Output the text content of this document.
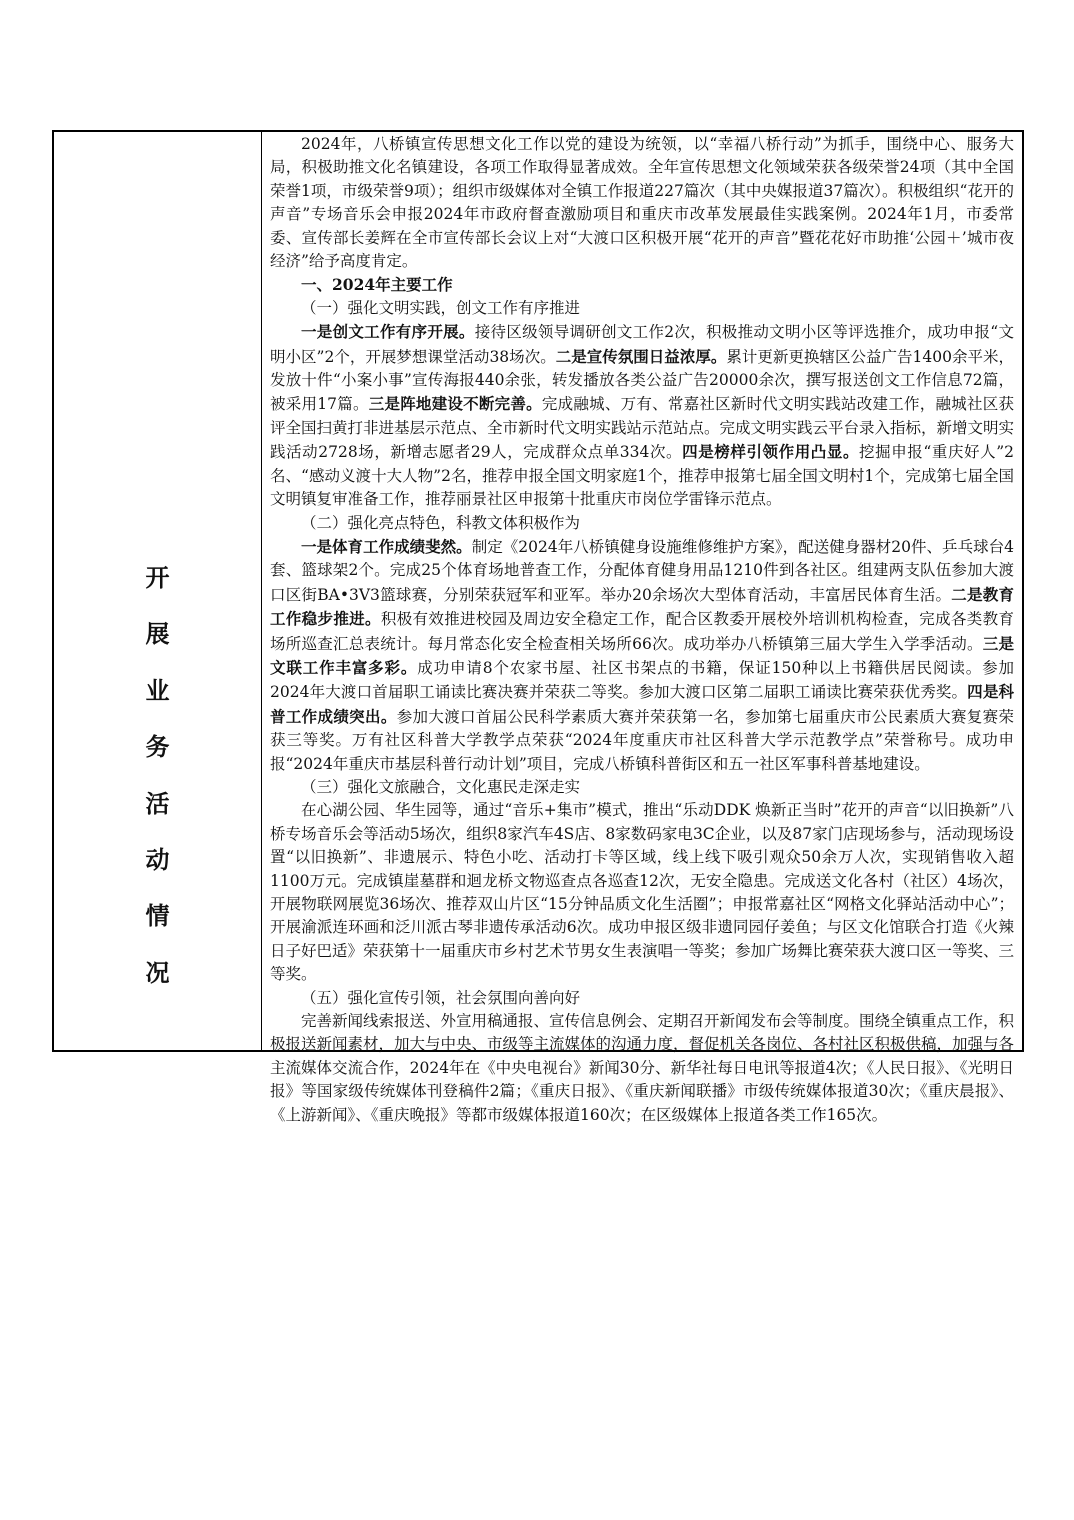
开
展
业
务
活
动
情
况

2024年，八桥镇宣传思想文化工作以党的建设为统领，以“幸福八桥行动”为抓手，围绕中心、服务大局，积极助推文化名镇建设，各项工作取得显著成效。全年宣传思想文化领域荣获各级荣誉24项（其中全国荣誉1项，市级荣誉9项）；组织市级媒体对全镇工作报道227篇次（其中央媒报道37篇次）。积极组织“花开的声音”专场音乐会申报2024年市政府督查激励项目和重庆市改革发展最佳实践案例。2024年1月，市委常委、宣传部长姜辉在全市宣传部长会议上对“大渡口区积极开展“花开的声音”暨花花好市助推‘公园＋’城市夜经济”给予高度肯定。

一、2024年主要工作
（一）强化文明实践，创文工作有序推进

一是创文工作有序开展。接待区级领导调研创文工作2次，积极推动文明小区等评选推介，成功申报“文明小区”2个，开展梦想课堂活动38场次。二是宣传氛围日益浓厚。累计更新更换辖区公益广告1400余平米，发放十件“小案小事”宣传海报440余张，转发播放各类公益广告20000余次，撰写报送创文工作信息72篇，被采用17篇。三是阵地建设不断完善。完成融城、万有、常嘉社区新时代文明实践站改建工作，融城社区获评全国扫黄打非进基层示范点、全市新时代文明实践站示范站点。完成文明实践云平台录入指标，新增文明实践活动2728场，新增志愿者29人，完成群众点单334次。四是榜样引领作用凸显。挖掘申报“重庆好人”2名、“感动义渡十大人物”2名，推荐申报全国文明家庭1个，推荐申报第七届全国文明村1个，完成第七届全国文明镇复审准备工作，推荐丽景社区申报第十批重庆市岗位学雷锋示范点。

（二）强化亮点特色，科教文体积极作为

一是体育工作成绩斐然。制定《2024年八桥镇健身设施维修维护方案》，配送健身器材20件、乒乓球台4套、篮球架2个。完成25个体育场地普查工作，分配体育健身用品1210件到各社区。组建两支队伍参加大渡口区街BA•3V3篮球赛，分别荣获冠军和亚军。举办20余场次大型体育活动，丰富居民体育生活。二是教育工作稳步推进。积极有效推进校园及周边安全稳定工作，配合区教委开展校外培训机构检查，完成各类教育场所巡查汇总表统计。每月常态化安全检查相关场所66次。成功举办八桥镇第三届大学生入学季活动。三是文联工作丰富多彩。成功申请8个农家书屋、社区书架点的书籍，保证150种以上书籍供居民阅读。参加2024年大渡口首届职工诵读比赛决赛并荣获二等奖。参加大渡口区第二届职工诵读比赛荣获优秀奖。四是科普工作成绩突出。参加大渡口首届公民科学素质大赛并荣获第一名，参加第七届重庆市公民素质大赛复赛荣获三等奖。万有社区科普大学教学点荣获“2024年度重庆市社区科普大学示范教学点”荣誉称号。成功申报“2024年重庆市基层科普行动计划”项目，完成八桥镇科普街区和五一社区军事科普基地建设。

（三）强化文旅融合，文化惠民走深走实

在心湖公园、华生园等，通过“音乐+集市”模式，推出“乐动DDK 焕新正当时”花开的声音“以旧换新”八桥专场音乐会等活动5场次，组织8家汽车4S店、8家数码家电3C企业，以及87家门店现场参与，活动现场设置“以旧换新”、非遗展示、特色小吃、活动打卡等区域，线上线下吸引观众50余万人次，实现销售收入超1100万元。完成镇崖墓群和迴龙桥文物巡查点各巡查12次，无安全隐患。完成送文化各村（社区）4场次，开展物联网展览36场次、推荐双山片区“15分钟品质文化生活圈”；申报常嘉社区“网格文化驿站活动中心”；开展渝派连环画和泛川派古琴非遗传承活动6次。成功申报区级非遗同园仔姜鱼；与区文化馆联合打造《火辣日子好巴适》荣获第十一届重庆市乡村艺术节男女生表演唱一等奖；参加广场舞比赛荣获大渡口区一等奖、三等奖。

（五）强化宣传引领，社会氛围向善向好

完善新闻线索报送、外宣用稿通报、宣传信息例会、定期召开新闻发布会等制度。围绕全镇重点工作，积极报送新闻素材，加大与中央、市级等主流媒体的沟通力度，督促机关各岗位、各村社区积极供稿，加强与各主流媒体交流合作，2024年在《中央电视台》新闻30分、新华社每日电讯等报道4次；《人民日报》、《光明日报》等国家级传统媒体刊登稿件2篇；《重庆日报》、《重庆新闻联播》市级传统媒体报道30次；《重庆晨报》、《上游新闻》、《重庆晚报》等都市级媒体报道160次；在区级媒体上报道各类工作165次。
